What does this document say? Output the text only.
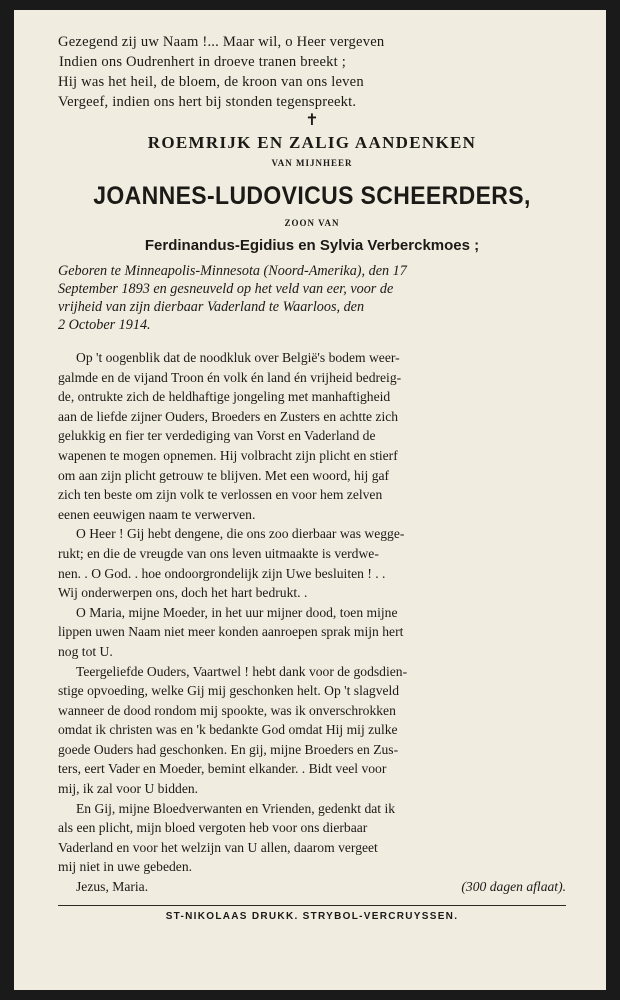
Gezegend zij uw Naam !... Maar wil, o Heer vergeven
Indien ons Oudrenhert in droeve tranen breekt ;
Hij was het heil, de bloem, de kroon van ons leven
Vergeef, indien ons hert bij stonden tegenspreekt.
✝
ROEMRIJK EN ZALIG AANDENKEN
VAN MIJNHEER
JOANNES-LUDOVICUS SCHEERDERS,
ZOON VAN
Ferdinandus-Egidius en Sylvia Verberckmoes ;
Geboren te Minneapolis-Minnesota (Noord-Amerika), den 17
September 1893 en gesneuveld op het veld van eer, voor de
vrijheid van zijn dierbaar Vaderland te Waarloos, den
2 October 1914.
Op 't oogenblik dat de noodkluk over België's bodem weer-
galmde en de vijand Troon én volk én land én vrijheid bedreig-
de, ontrukte zich de heldhaftige jongeling met manhaftigheid
aan de liefde zijner Ouders, Broeders en Zusters en achtte zich
gelukkig en fier ter verdediging van Vorst en Vaderland de
wapenen te mogen opnemen. Hij volbracht zijn plicht en stierf
om aan zijn plicht getrouw te blijven. Met een woord, hij gaf
zich ten beste om zijn volk te verlossen en voor hem zelven
eenen eeuwigen naam te verwerven.
O Heer ! Gij hebt dengene, die ons zoo dierbaar was wegge-
rukt; en die de vreugde van ons leven uitmaakte is verdwe-
nen. . O God. . hoe ondoorgrondelijk zijn Uwe besluiten ! . .
Wij onderwerpen ons, doch het hart bedrukt. .
O Maria, mijne Moeder, in het uur mijner dood, toen mijne
lippen uwen Naam niet meer konden aanroepen sprak mijn hert
nog tot U.
Teergeliefde Ouders, Vaartwel ! hebt dank voor de godsdien-
stige opvoeding, welke Gij mij geschonken helt. Op 't slagveld
wanneer de dood rondom mij spookte, was ik onverschrokken
omdat ik christen was en 'k bedankte God omdat Hij mij zulke
goede Ouders had geschonken. En gij, mijne Broeders en Zus-
ters, eert Vader en Moeder, bemint elkander. . Bidt veel voor
mij, ik zal voor U bidden.
En Gij, mijne Bloedverwanten en Vrienden, gedenkt dat ik
als een plicht, mijn bloed vergoten heb voor ons dierbaar
Vaderland en voor het welzijn van U allen, daarom vergeet
mij niet in uwe gebeden.
Jezus, Maria.	(300 dagen aflaat).
ST-NIKOLAAS DRUKK. STRYBOL-VERCRUYSSEN.
